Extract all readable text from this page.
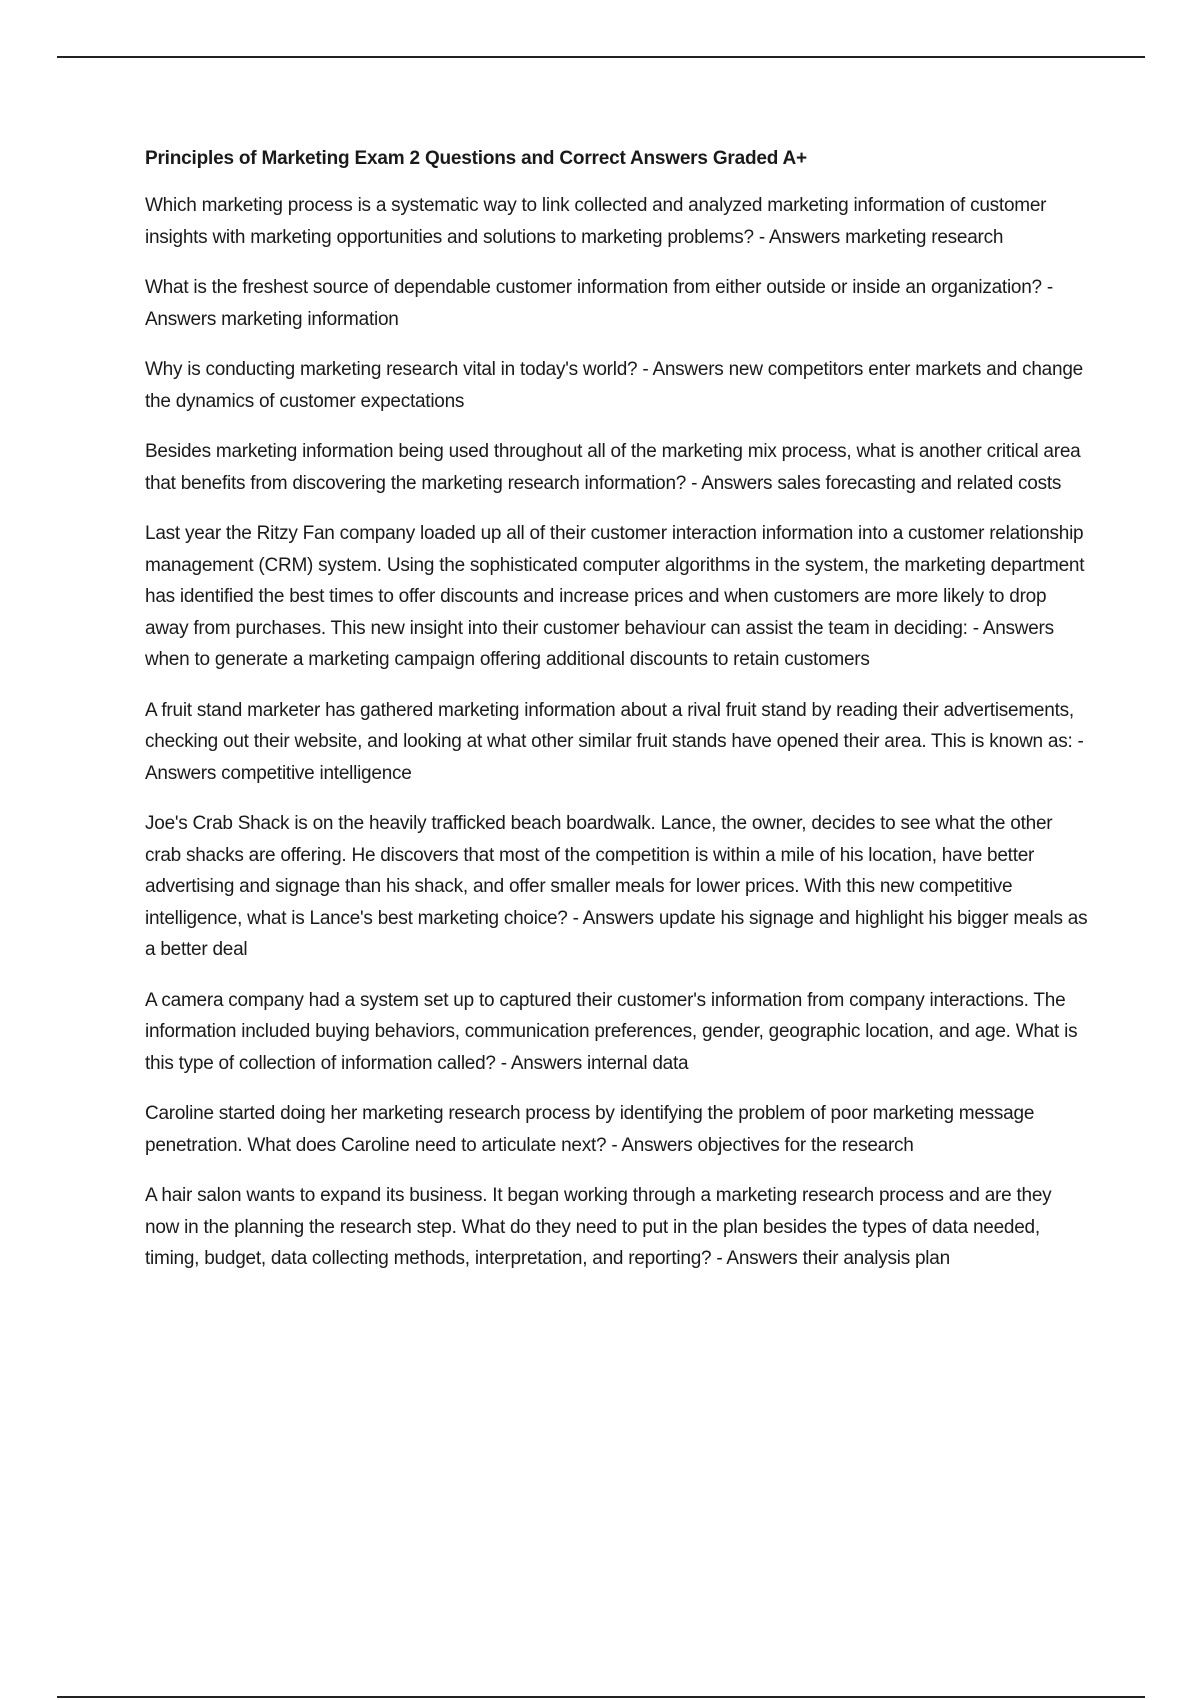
Principles of Marketing Exam 2 Questions and Correct Answers Graded A+

Which marketing process is a systematic way to link collected and analyzed marketing information of customer insights with marketing opportunities and solutions to marketing problems? - Answers marketing research

What is the freshest source of dependable customer information from either outside or inside an organization? - Answers marketing information

Why is conducting marketing research vital in today's world? - Answers new competitors enter markets and change the dynamics of customer expectations

Besides marketing information being used throughout all of the marketing mix process, what is another critical area that benefits from discovering the marketing research information? - Answers sales forecasting and related costs

Last year the Ritzy Fan company loaded up all of their customer interaction information into a customer relationship management (CRM) system. Using the sophisticated computer algorithms in the system, the marketing department has identified the best times to offer discounts and increase prices and when customers are more likely to drop away from purchases. This new insight into their customer behaviour can assist the team in deciding: - Answers when to generate a marketing campaign offering additional discounts to retain customers

A fruit stand marketer has gathered marketing information about a rival fruit stand by reading their advertisements, checking out their website, and looking at what other similar fruit stands have opened their area. This is known as: - Answers competitive intelligence

Joe's Crab Shack is on the heavily trafficked beach boardwalk. Lance, the owner, decides to see what the other crab shacks are offering. He discovers that most of the competition is within a mile of his location, have better advertising and signage than his shack, and offer smaller meals for lower prices. With this new competitive intelligence, what is Lance's best marketing choice? - Answers update his signage and highlight his bigger meals as a better deal

A camera company had a system set up to captured their customer's information from company interactions. The information included buying behaviors, communication preferences, gender, geographic location, and age. What is this type of collection of information called? - Answers internal data

Caroline started doing her marketing research process by identifying the problem of poor marketing message penetration. What does Caroline need to articulate next? - Answers objectives for the research

A hair salon wants to expand its business. It began working through a marketing research process and are they now in the planning the research step. What do they need to put in the plan besides the types of data needed, timing, budget, data collecting methods, interpretation, and reporting? - Answers their analysis plan
